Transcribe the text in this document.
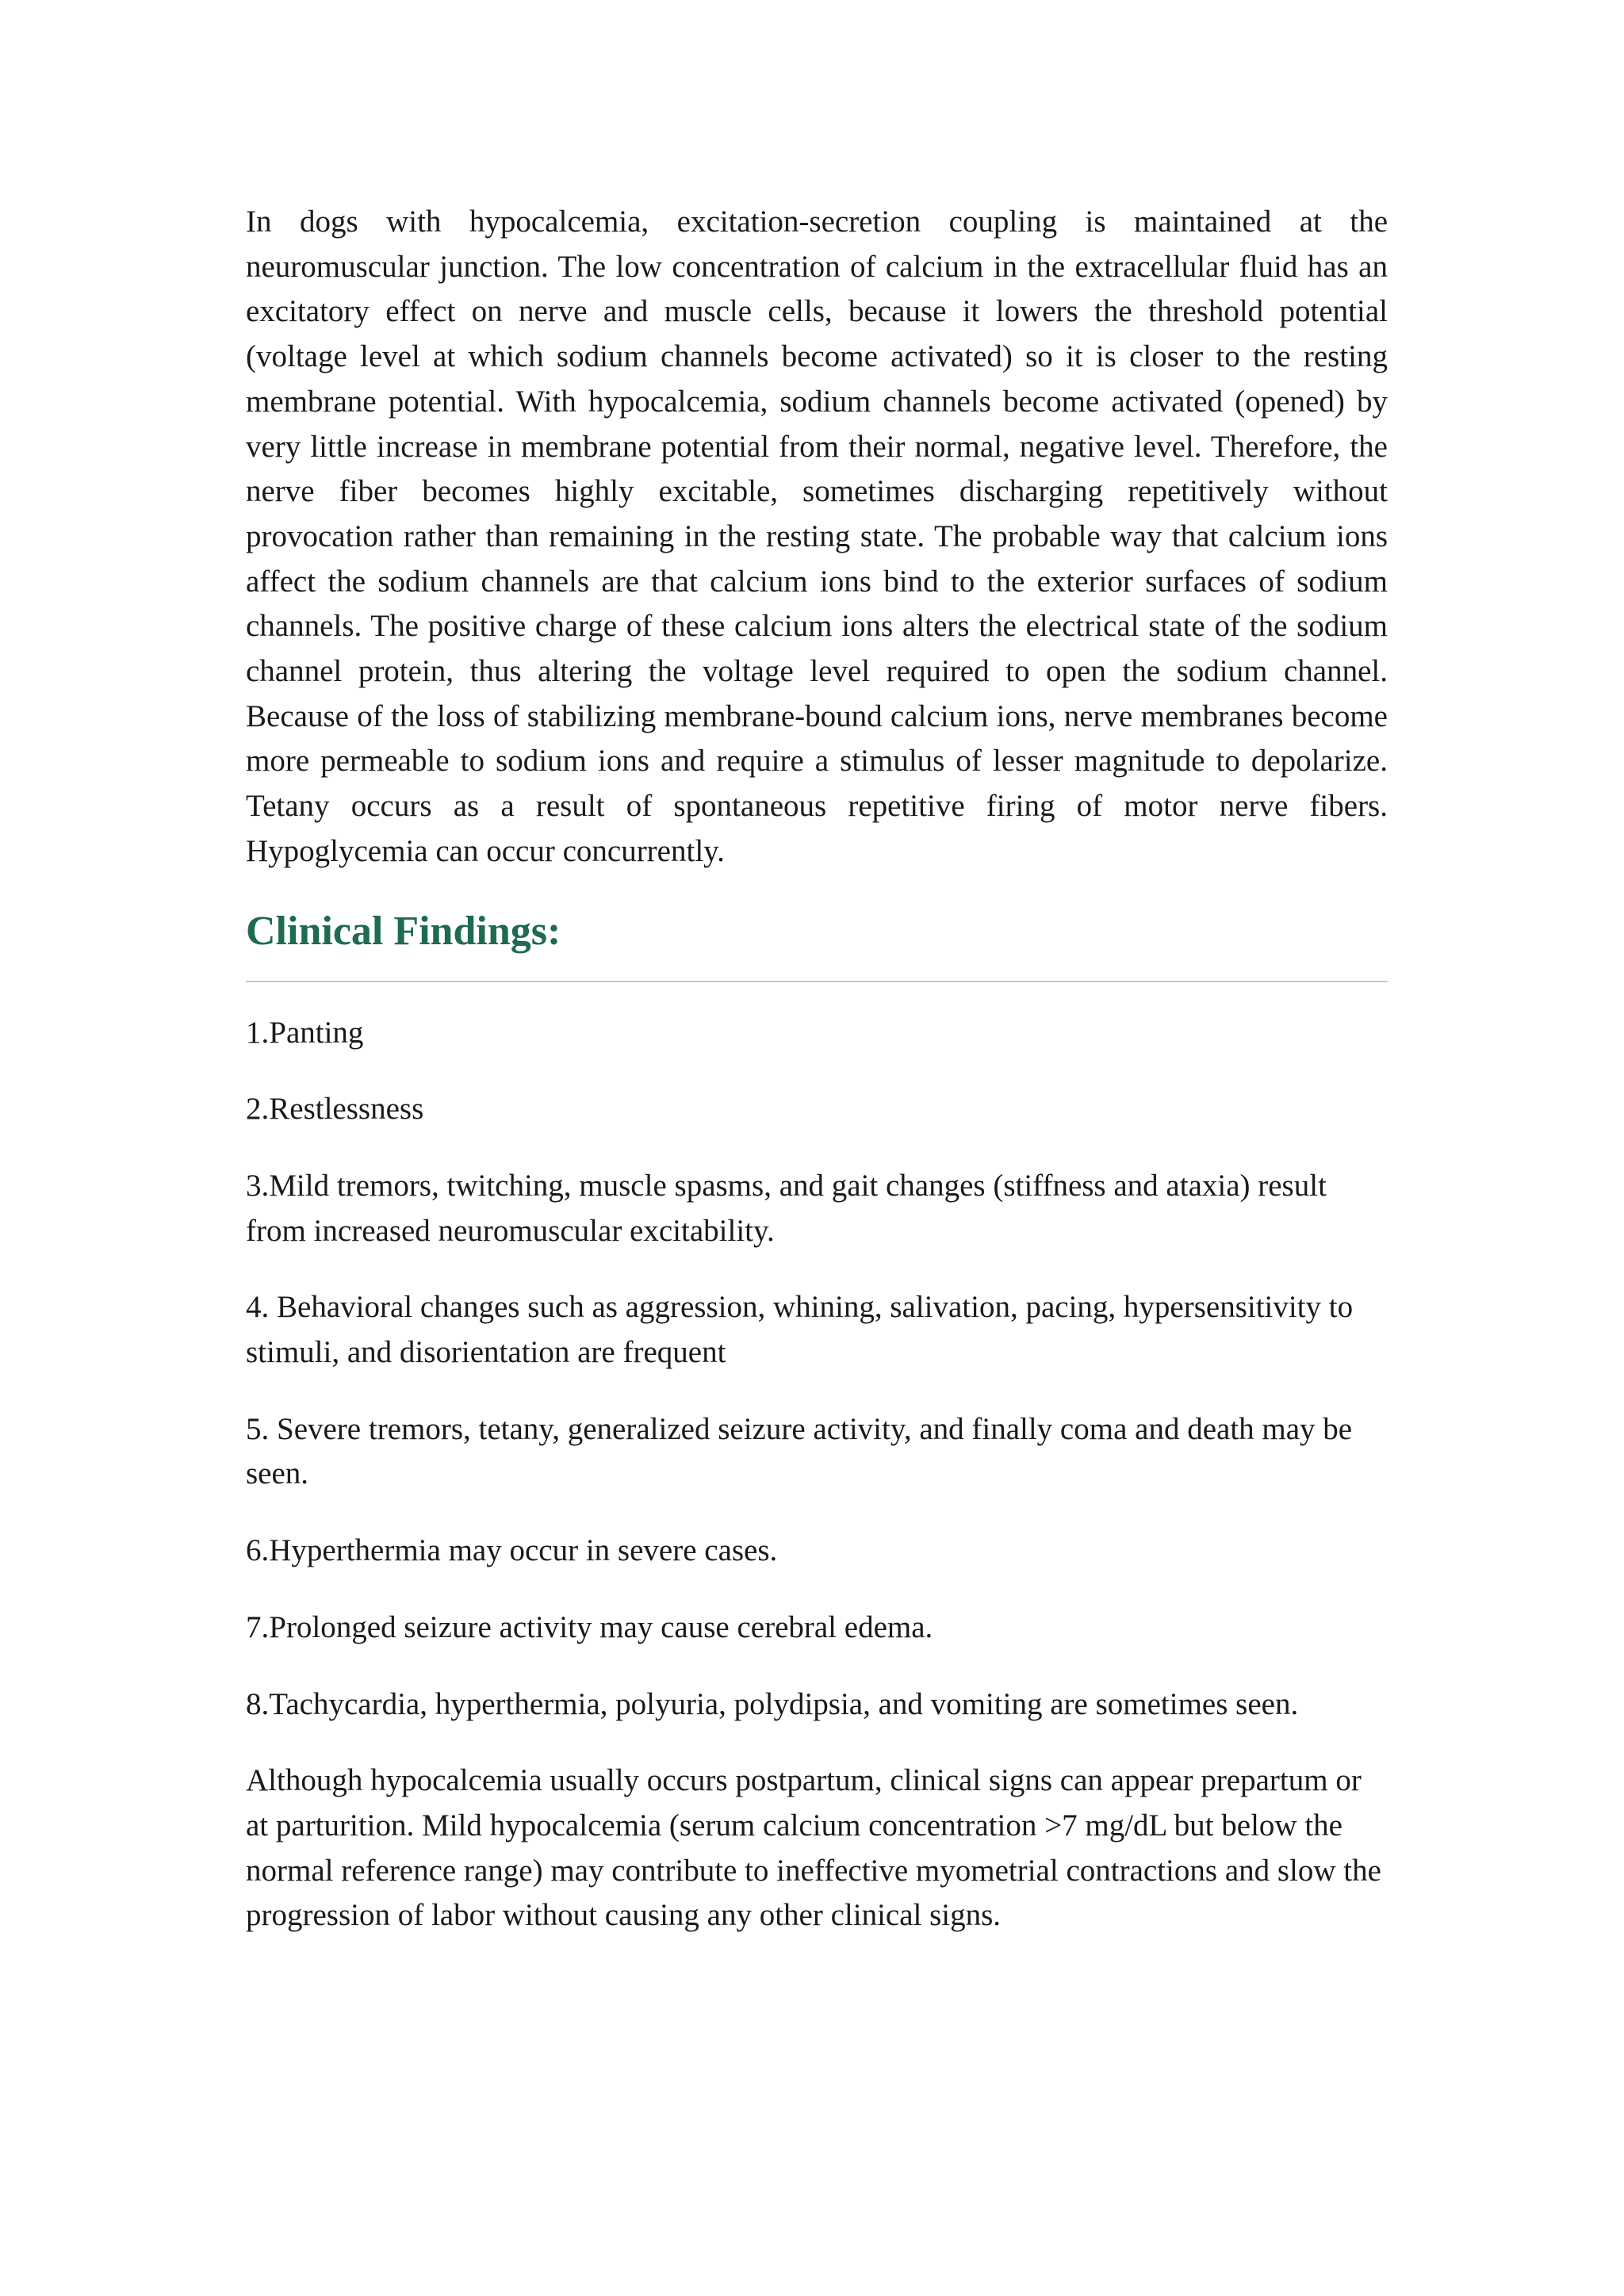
In dogs with hypocalcemia, excitation-secretion coupling is maintained at the neuromuscular junction. The low concentration of calcium in the extracellular fluid has an excitatory effect on nerve and muscle cells, because it lowers the threshold potential (voltage level at which sodium channels become activated) so it is closer to the resting membrane potential. With hypocalcemia, sodium channels become activated (opened) by very little increase in membrane potential from their normal, negative level. Therefore, the nerve fiber becomes highly excitable, sometimes discharging repetitively without provocation rather than remaining in the resting state. The probable way that calcium ions affect the sodium channels are that calcium ions bind to the exterior surfaces of sodium channels. The positive charge of these calcium ions alters the electrical state of the sodium channel protein, thus altering the voltage level required to open the sodium channel. Because of the loss of stabilizing membrane-bound calcium ions, nerve membranes become more permeable to sodium ions and require a stimulus of lesser magnitude to depolarize. Tetany occurs as a result of spontaneous repetitive firing of motor nerve fibers. Hypoglycemia can occur concurrently.

Clinical Findings:

1.Panting

2.Restlessness

3.Mild tremors, twitching, muscle spasms, and gait changes (stiffness and ataxia) result from increased neuromuscular excitability.

4. Behavioral changes such as aggression, whining, salivation, pacing, hypersensitivity to stimuli, and disorientation are frequent

5. Severe tremors, tetany, generalized seizure activity, and finally coma and death may be seen.

6.Hyperthermia may occur in severe cases.

7.Prolonged seizure activity may cause cerebral edema.

8.Tachycardia, hyperthermia, polyuria, polydipsia, and vomiting are sometimes seen.

Although hypocalcemia usually occurs postpartum, clinical signs can appear prepartum or at parturition. Mild hypocalcemia (serum calcium concentration >7 mg/dL but below the normal reference range) may contribute to ineffective myometrial contractions and slow the progression of labor without causing any other clinical signs.
